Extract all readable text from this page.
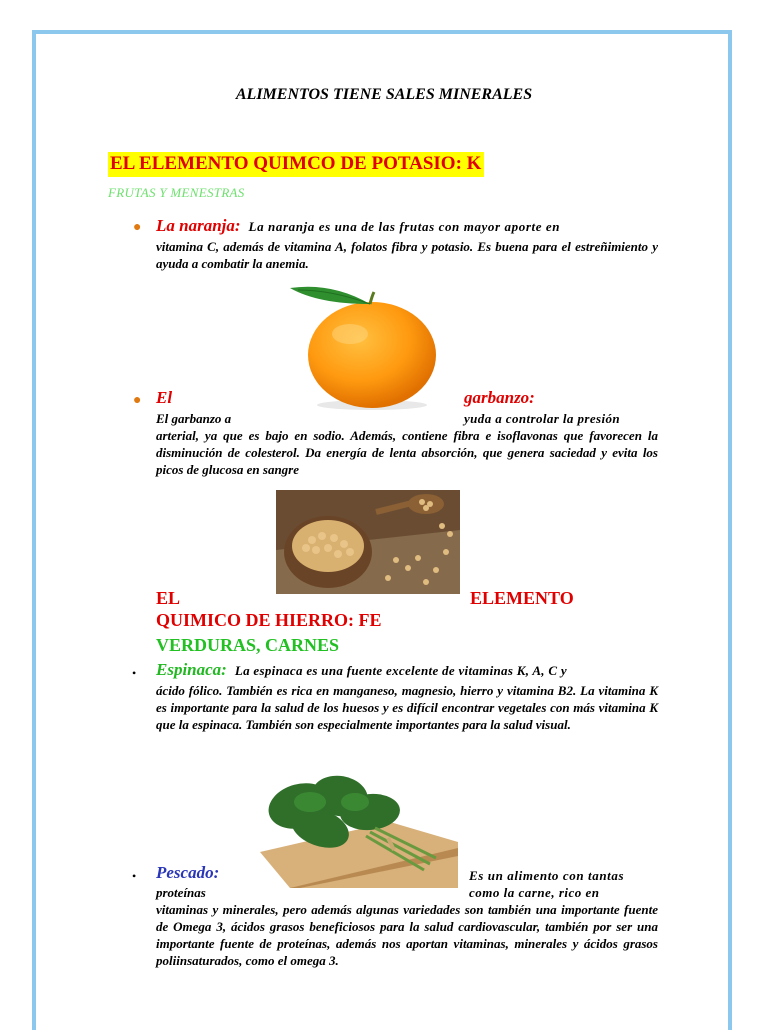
ALIMENTOS TIENE SALES MINERALES
EL ELEMENTO QUIMCO DE POTASIO: K
FRUTAS Y MENESTRAS
● La naranja: La naranja es una de las frutas con mayor aporte en
vitamina C, además de vitamina A, folatos fibra y potasio. Es buena para el estreñimiento y ayuda a combatir la anemia.
● El	garbanzo:
El garbanzo a	yuda a controlar la presión
arterial, ya que es bajo en sodio. Además, contiene fibra e isoflavonas que favorecen la disminución de colesterol. Da energía de lenta absorción, que genera saciedad y evita los picos de glucosa en sangre
EL	ELEMENTO
QUIMICO DE HIERRO: FE
VERDURAS, CARNES
• Espinaca: La espinaca es una fuente excelente de vitaminas K, A, C y
ácido fólico. También es rica en manganeso, magnesio, hierro y vitamina B2. La vitamina K es importante para la salud de los huesos y es difícil encontrar vegetales con más vitamina K que la espinaca. También son especialmente importantes para la salud visual.
• Pescado:	Es un alimento con tantas
proteínas	como la carne, rico en
vitaminas y minerales, pero además algunas variedades son también una importante fuente de Omega 3, ácidos grasos beneficiosos para la salud cardiovascular, también por ser una importante fuente de proteínas, además nos aportan vitaminas, minerales y ácidos grasos poliinsaturados, como el omega 3.
